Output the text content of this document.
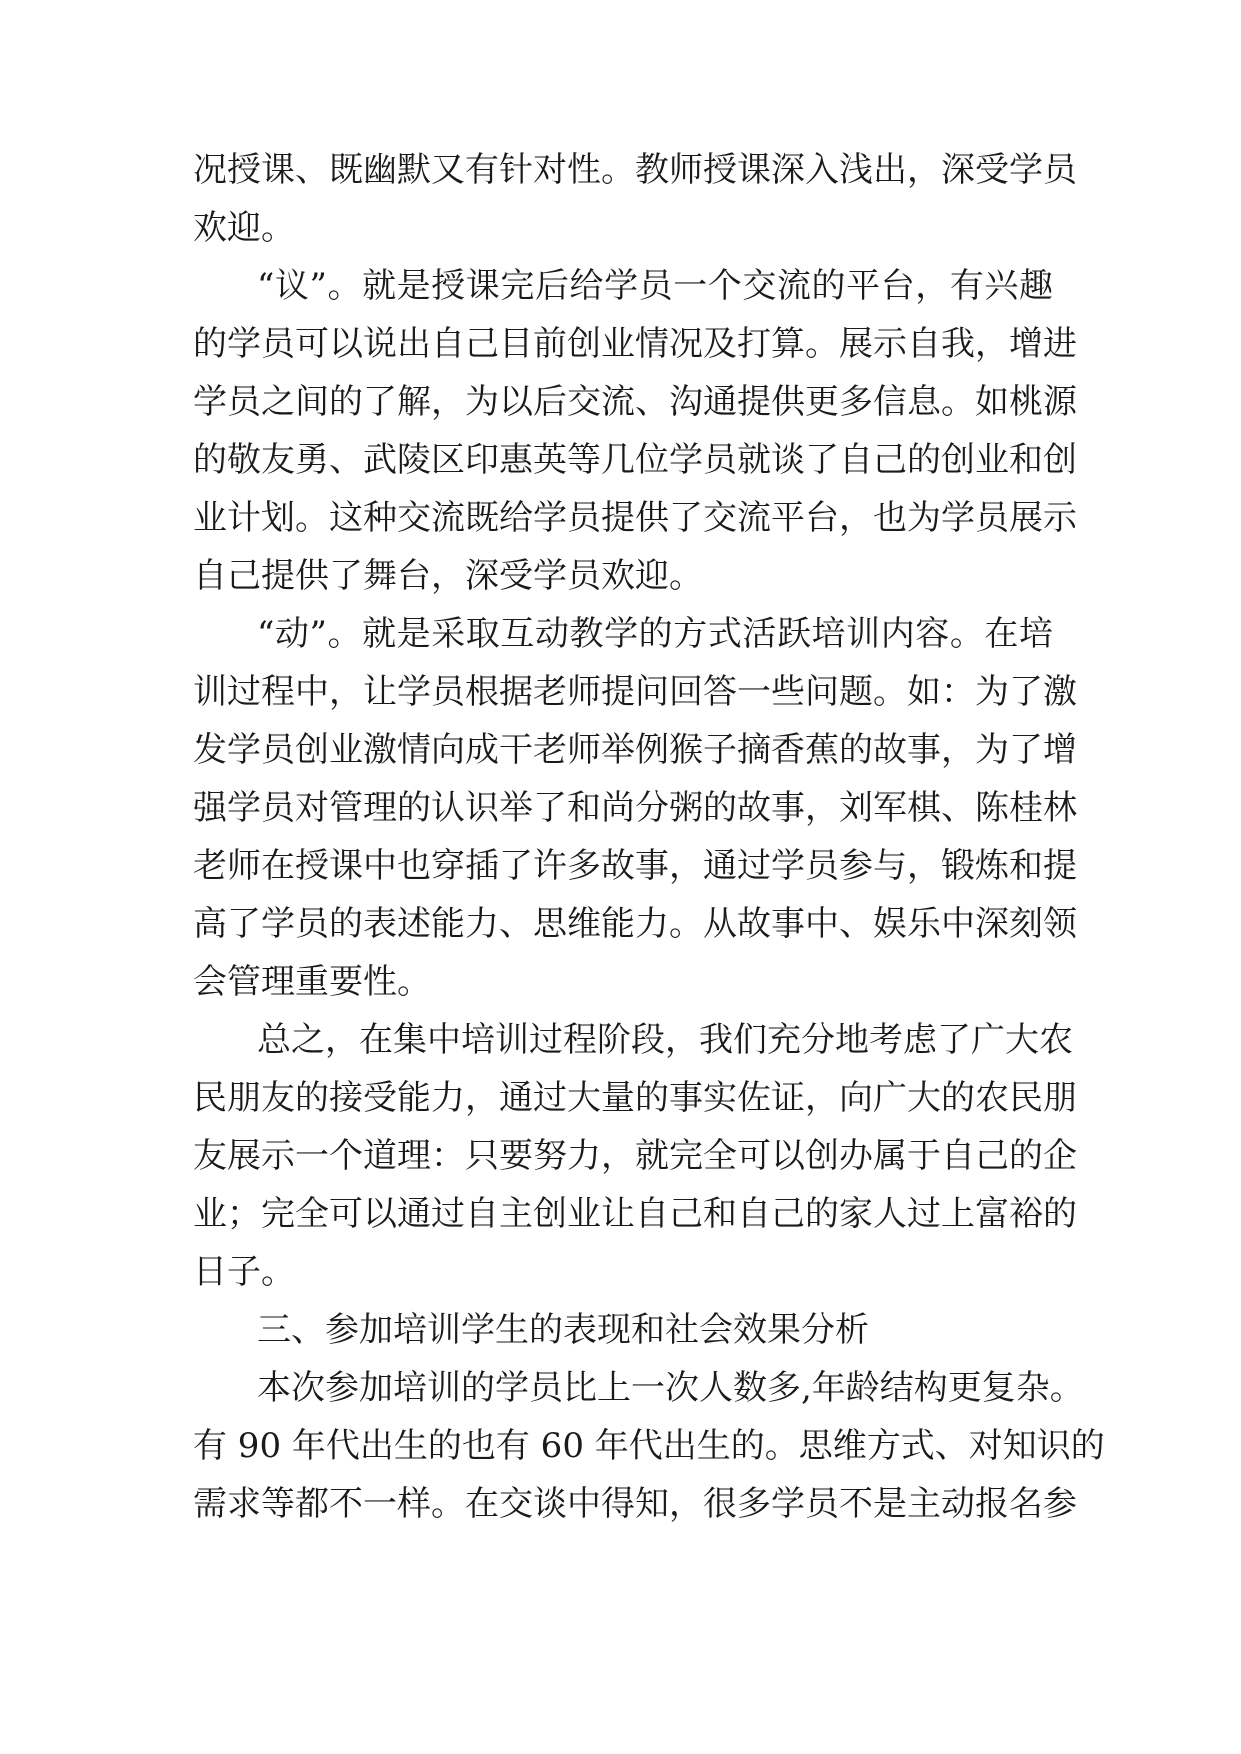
况授课、既幽默又有针对性。教师授课深入浅出，深受学员
欢迎。
“议”。就是授课完后给学员一个交流的平台，有兴趣
的学员可以说出自己目前创业情况及打算。展示自我，增进
学员之间的了解，为以后交流、沟通提供更多信息。如桃源
的敬友勇、武陵区印惠英等几位学员就谈了自己的创业和创
业计划。这种交流既给学员提供了交流平台，也为学员展示
自己提供了舞台，深受学员欢迎。
“动”。就是采取互动教学的方式活跃培训内容。在培
训过程中，让学员根据老师提问回答一些问题。如：为了激
发学员创业激情向成干老师举例猴子摘香蕉的故事，为了增
强学员对管理的认识举了和尚分粥的故事，刘军棋、陈桂林
老师在授课中也穿插了许多故事，通过学员参与，锻炼和提
高了学员的表述能力、思维能力。从故事中、娱乐中深刻领
会管理重要性。
总之，在集中培训过程阶段，我们充分地考虑了广大农
民朋友的接受能力，通过大量的事实佐证，向广大的农民朋
友展示一个道理：只要努力，就完全可以创办属于自己的企
业；完全可以通过自主创业让自己和自己的家人过上富裕的
日子。
三、参加培训学生的表现和社会效果分析
本次参加培训的学员比上一次人数多,年龄结构更复杂。
有 90 年代出生的也有 60 年代出生的。思维方式、对知识的
需求等都不一样。在交谈中得知，很多学员不是主动报名参
